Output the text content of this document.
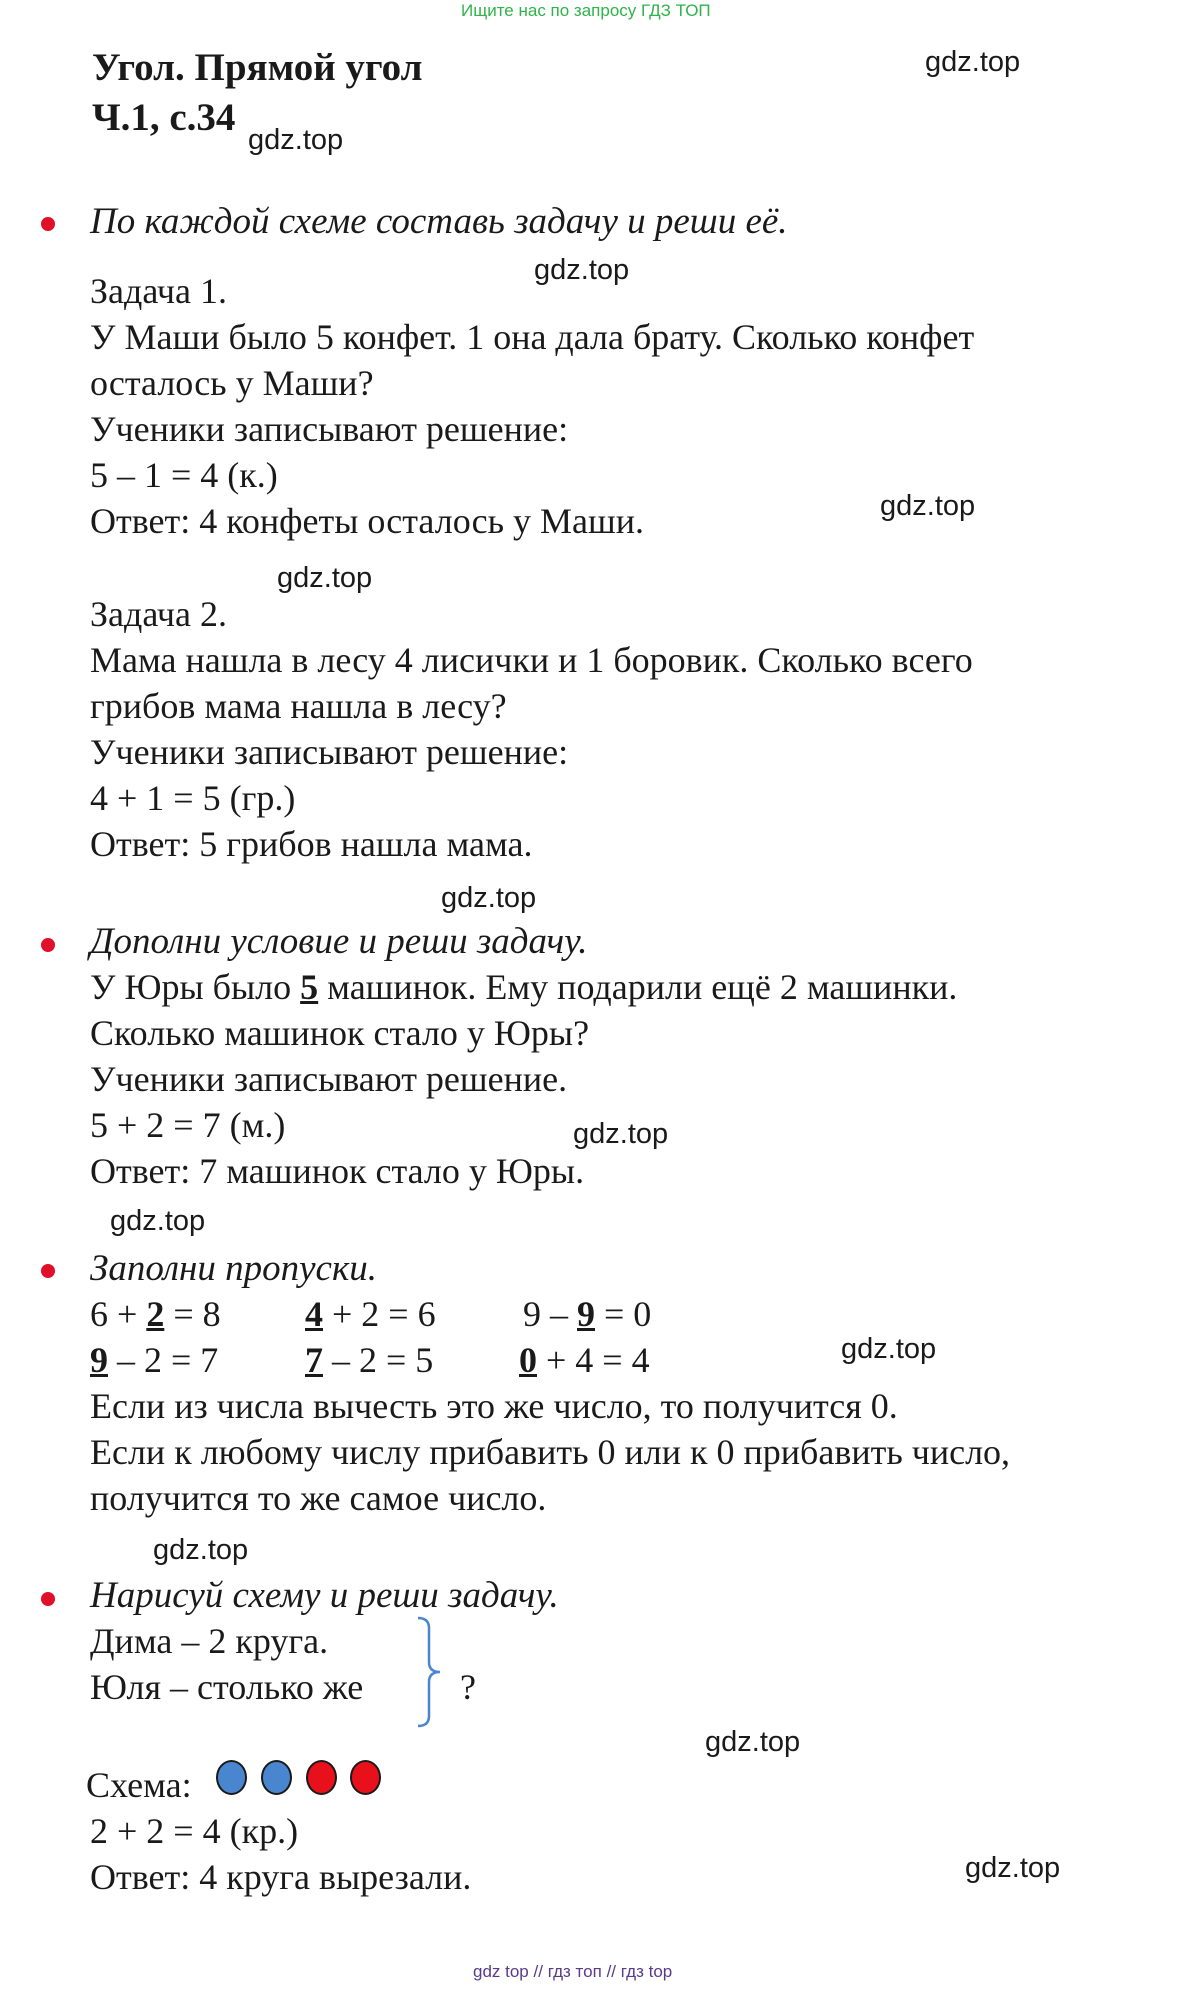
Ищите нас по запросу ГДЗ ТОП
Угол. Прямой угол
Ч.1, с.34
gdz.top
gdz.top
gdz.top
gdz.top
gdz.top
gdz.top
gdz.top
gdz.top
gdz.top
gdz.top
gdz.top
gdz.top
По каждой схеме составь задачу и реши её.
Задача 1.
У Маши было 5 конфет. 1 она дала брату. Сколько конфет
осталось у Маши?
Ученики записывают решение:
5 – 1 = 4 (к.)
Ответ: 4 конфеты осталось у Маши.
Задача 2.
Мама нашла в лесу 4 лисички и 1 боровик. Сколько всего
грибов мама нашла в лесу?
Ученики записывают решение:
4 + 1 = 5 (гр.)
Ответ: 5 грибов нашла мама.
Дополни условие и реши задачу.
У Юры было 5 машинок. Ему подарили ещё 2 машинки.
Сколько машинок стало у Юры?
Ученики записывают решение.
5 + 2 = 7 (м.)
Ответ: 7 машинок стало у Юры.
Заполни пропуски.
6 + 2 = 8 4 + 2 = 6 9 – 9 = 0
9 – 2 = 7 7 – 2 = 5 0 + 4 = 4
Если из числа вычесть это же число, то получится 0.
Если к любому числу прибавить 0 или к 0 прибавить число,
получится то же самое число.
Нарисуй схему и реши задачу.
Дима – 2 круга.
Юля – столько же	?
Схема:
2 + 2 = 4 (кр.)
Ответ: 4 круга вырезали.
gdz top // гдз топ // гдз top
